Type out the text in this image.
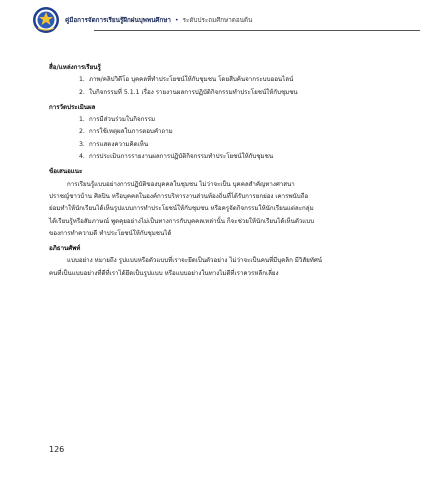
คู่มือการจัดการเรียนรู้ฝึกฝนบุพพนศึกษา • ระดับประถมศึกษาตอนต้น

สื่อ/แหล่งการเรียนรู้

1. ภาพ/คลิปวิดีโอ บุคคลที่ทำประโยชน์ให้กับชุมชน โดยสืบค้นจากระบบออนไลน์
2. ใบกิจกรรมที่ 5.1.1 เรื่อง รายงานผลการปฏิบัติกิจกรรมทำประโยชน์ให้กับชุมชน

การวัดประเมินผล

1. การมีส่วนร่วมในกิจกรรม
2. การใช้เหตุผลในการตอบคำถาม
3. การแสดงความคิดเห็น
4. การประเมินการรายงานผลการปฏิบัติกิจกรรมทำประโยชน์ให้กับชุมชน

ข้อเสนอแนะ

การเรียนรู้แบบอย่างการปฏิบัติของบุคคลในชุมชน ไม่ว่าจะเป็น บุคคลสำคัญทางศาสนา
ปราชญ์ชาวบ้าน ศิลปิน หรือบุคคลในองค์การบริหารงานส่วนท้องถิ่นที่ได้รับการยกย่อง เคารพนับถือ
ย่อมทำให้นักเรียนได้เห็นรูปแบบการทำประโยชน์ให้กับชุมชน หรือครูจัดกิจกรรมให้นักเรียนแต่ละกลุ่ม
ได้เรียนรู้หรือสัมภาษณ์ พูดคุยอย่างไม่เป็นทางการกับบุคคลเหล่านั้น ก็จะช่วยให้นักเรียนได้เห็นตัวแบบ
ของการทำความดี ทำประโยชน์ให้กับชุมชนได้

อภิธานศัพท์

แบบอย่าง หมายถึง รูปแบบหรือตัวแบบที่เราจะยึดเป็นตัวอย่าง ไม่ว่าจะเป็นคนที่มีบุคลิก มีวิสัยทัศน์
คนที่เป็นแบบอย่างที่ดีที่เราได้ยึดเป็นรูปแบบ หรือแบบอย่างในทางไม่ดีที่เราควรหลีกเลี่ยง

126
